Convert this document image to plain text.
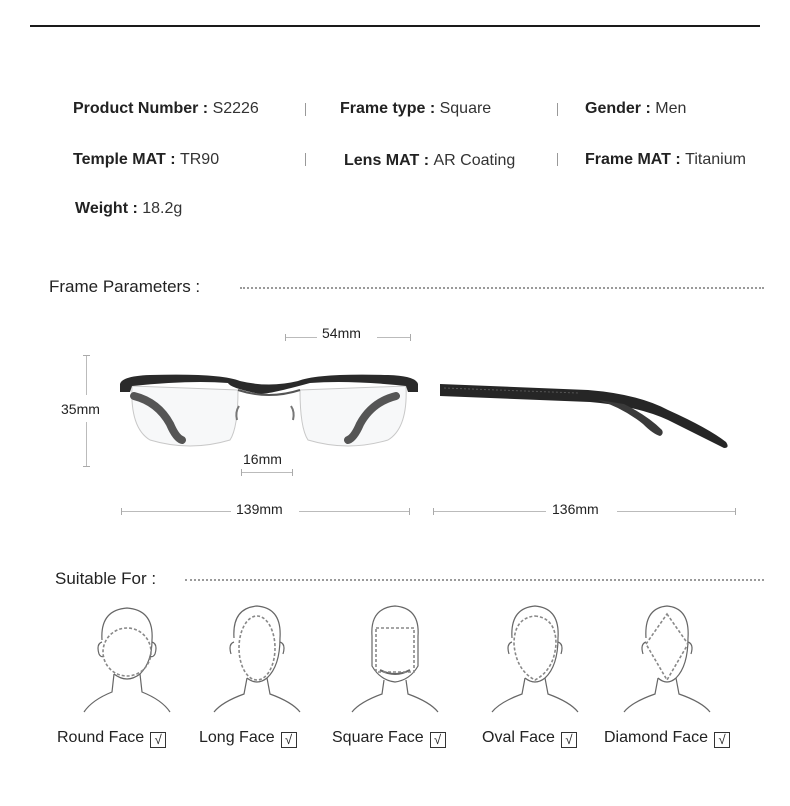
Product Number : S2226	Frame type : Square	Gender : Men
Temple MAT : TR90	Lens MAT : AR Coating	Frame MAT : Titanium
Weight : 18.2g
Frame Parameters :
54mm
35mm
16mm
139mm	136mm
Suitable For :
Round Face √ Long Face √ Square Face √	Oval Face √ Diamond Face √
